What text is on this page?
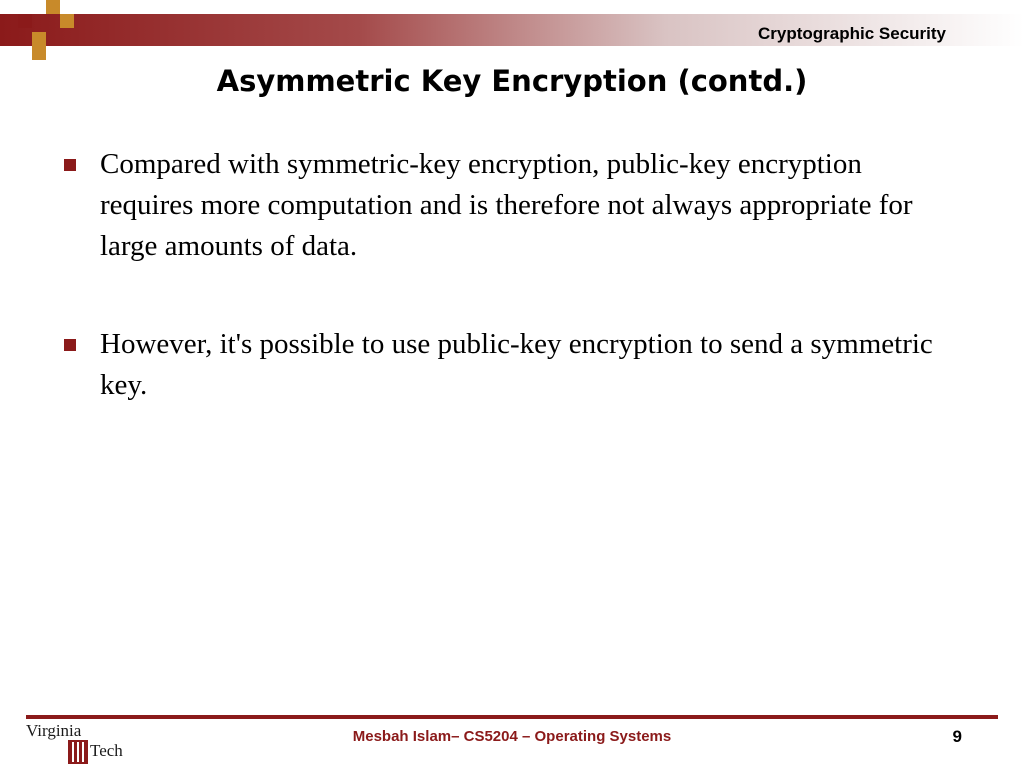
Cryptographic Security
Asymmetric Key Encryption (contd.)
Compared with symmetric-key encryption, public-key encryption requires more computation and is therefore not always appropriate for large amounts of data.
However, it's possible to use public-key encryption to send a symmetric key.
Virginia
Tech
Mesbah Islam– CS5204 – Operating Systems	9
